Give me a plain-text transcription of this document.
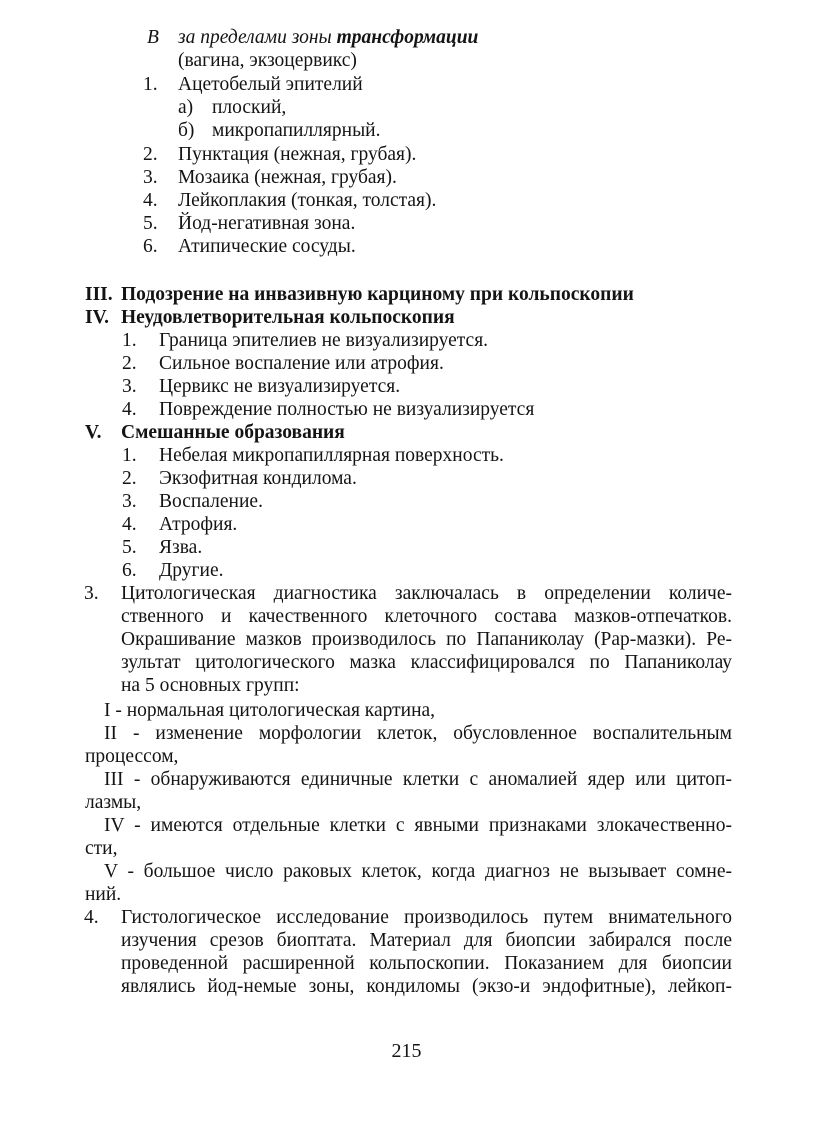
B за пределами зоны трансформации
(вагина, экзоцервикс)
1. Ацетобелый эпителий
а) плоский,
б) микропапиллярный.
2. Пунктация (нежная, грубая).
3. Мозаика (нежная, грубая).
4. Лейкоплакия (тонкая, толстая).
5. Йод-негативная зона.
6. Атипические сосуды.
III. Подозрение на инвазивную карциному при кольпоскопии
IV. Неудовлетворительная кольпоскопия
1. Граница эпителиев не визуализируется.
2. Сильное воспаление или атрофия.
3. Цервикс не визуализируется.
4. Повреждение полностью не визуализируется
V. Смешанные образования
1. Небелая микропапиллярная поверхность.
2. Экзофитная кондилома.
3. Воспаление.
4. Атрофия.
5. Язва.
6. Другие.
3. Цитологическая диагностика заключалась в определении количе-
ственного и качественного клеточного состава мазков-отпечатков.
Окрашивание мазков производилось по Папаниколау (Pap-мазки). Ре-
зультат цитологического мазка классифицировался по Папаниколау
на 5 основных групп:
I - нормальная цитологическая картина,
II - изменение морфологии клеток, обусловленное воспалительным
процессом,
III - обнаруживаются единичные клетки с аномалией ядер или цитоп-
лазмы,
IV - имеются отдельные клетки с явными признаками злокачественно-
сти,
V - большое число раковых клеток, когда диагноз не вызывает сомне-
ний.
4. Гистологическое исследование производилось путем внимательного
изучения срезов биоптата. Материал для биопсии забирался после
проведенной расширенной кольпоскопии. Показанием для биопсии
являлись йод-немые зоны, кондиломы (экзо-и эндофитные), лейкоп-
215
